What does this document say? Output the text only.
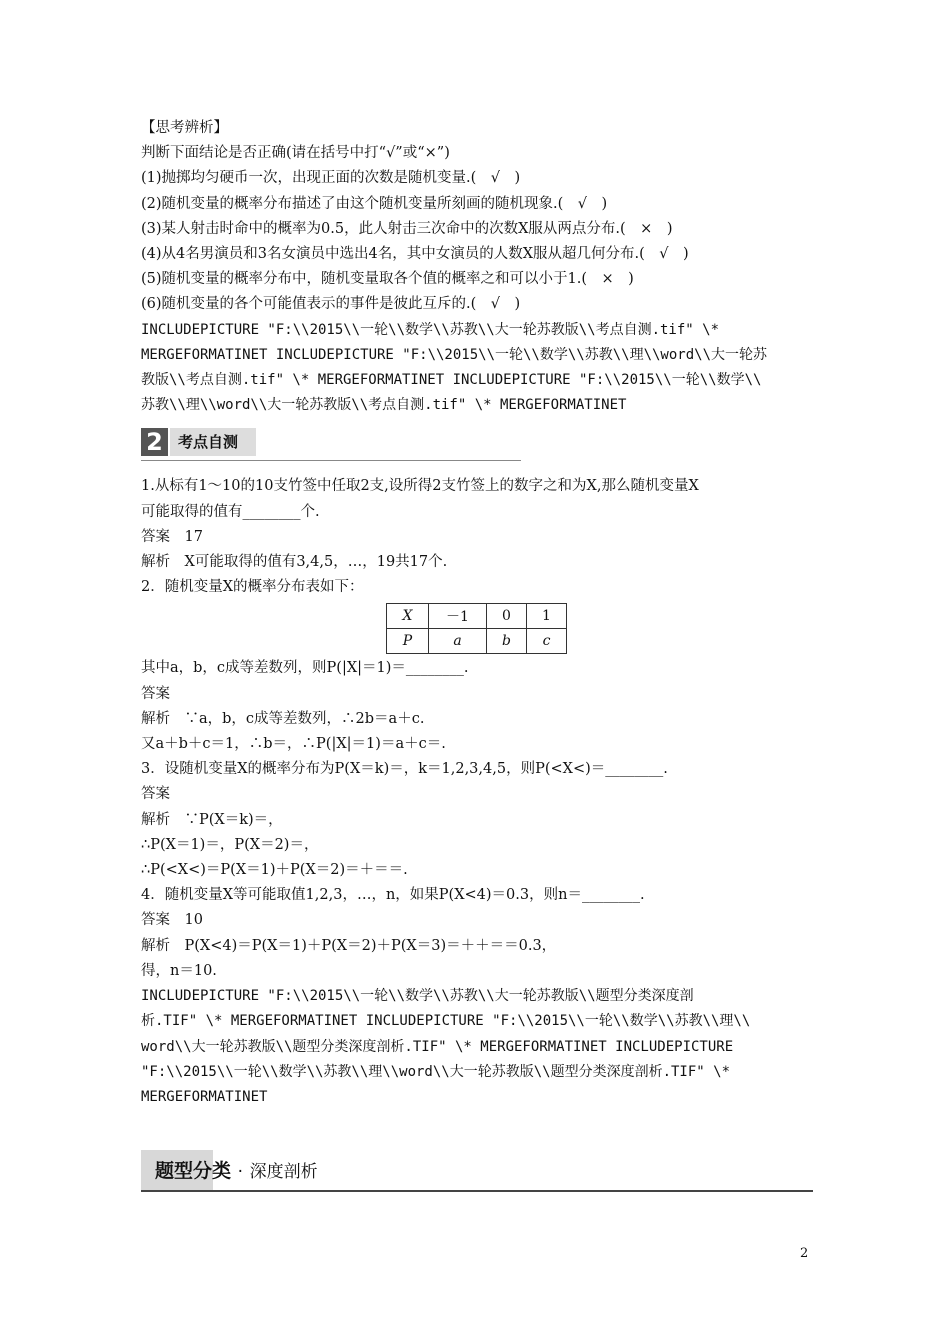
【思考辨析】
判断下面结论是否正确(请在括号中打“√”或“×”)
(1)抛掷均匀硬币一次，出现正面的次数是随机变量.(　√　)
(2)随机变量的概率分布描述了由这个随机变量所刻画的随机现象.(　√　)
(3)某人射击时命中的概率为0.5，此人射击三次命中的次数X服从两点分布.(　×　)
(4)从4名男演员和3名女演员中选出4名，其中女演员的人数X服从超几何分布.(　√　)
(5)随机变量的概率分布中，随机变量取各个值的概率之和可以小于1.(　×　)
(6)随机变量的各个可能值表示的事件是彼此互斥的.(　√　)
INCLUDEPICTURE "F:\\2015\\一轮\\数学\\苏教\\大一轮苏教版\\考点自测.tif" \*
MERGEFORMATINET INCLUDEPICTURE "F:\\2015\\一轮\\数学\\苏教\\理\\word\\大一轮苏
教版\\考点自测.tif" \* MERGEFORMATINET INCLUDEPICTURE "F:\\2015\\一轮\\数学\\
苏教\\理\\word\\大一轮苏教版\\考点自测.tif" \* MERGEFORMATINET
2	考点自测
1.从标有1～10的10支竹签中任取2支,设所得2支竹签上的数字之和为X,那么随机变量X
可能取得的值有________个.
答案　17
解析　X可能取得的值有3,4,5，…，19共17个.
2．随机变量X的概率分布表如下：
X	－1	0	1
P	a	b	c
其中a，b，c成等差数列，则P(|X|＝1)＝________.
答案
解析　∵a，b，c成等差数列，∴2b＝a＋c.
又a＋b＋c＝1，∴b＝，∴P(|X|＝1)＝a＋c＝.
3．设随机变量X的概率分布为P(X＝k)＝，k＝1,2,3,4,5，则P(<X<)＝________.
答案
解析　∵P(X＝k)＝，
∴P(X＝1)＝，P(X＝2)＝，
∴P(<X<)＝P(X＝1)＋P(X＝2)＝＋＝＝.
4．随机变量X等可能取值1,2,3，…，n，如果P(X<4)＝0.3，则n＝________.
答案　10
解析　P(X<4)＝P(X＝1)＋P(X＝2)＋P(X＝3)＝＋＋＝＝0.3，
得，n＝10.
INCLUDEPICTURE "F:\\2015\\一轮\\数学\\苏教\\大一轮苏教版\\题型分类深度剖
析.TIF" \* MERGEFORMATINET INCLUDEPICTURE "F:\\2015\\一轮\\数学\\苏教\\理\\
word\\大一轮苏教版\\题型分类深度剖析.TIF" \* MERGEFORMATINET INCLUDEPICTURE
"F:\\2015\\一轮\\数学\\苏教\\理\\word\\大一轮苏教版\\题型分类深度剖析.TIF" \*
MERGEFORMATINET
题型分类 · 深度剖析
2
